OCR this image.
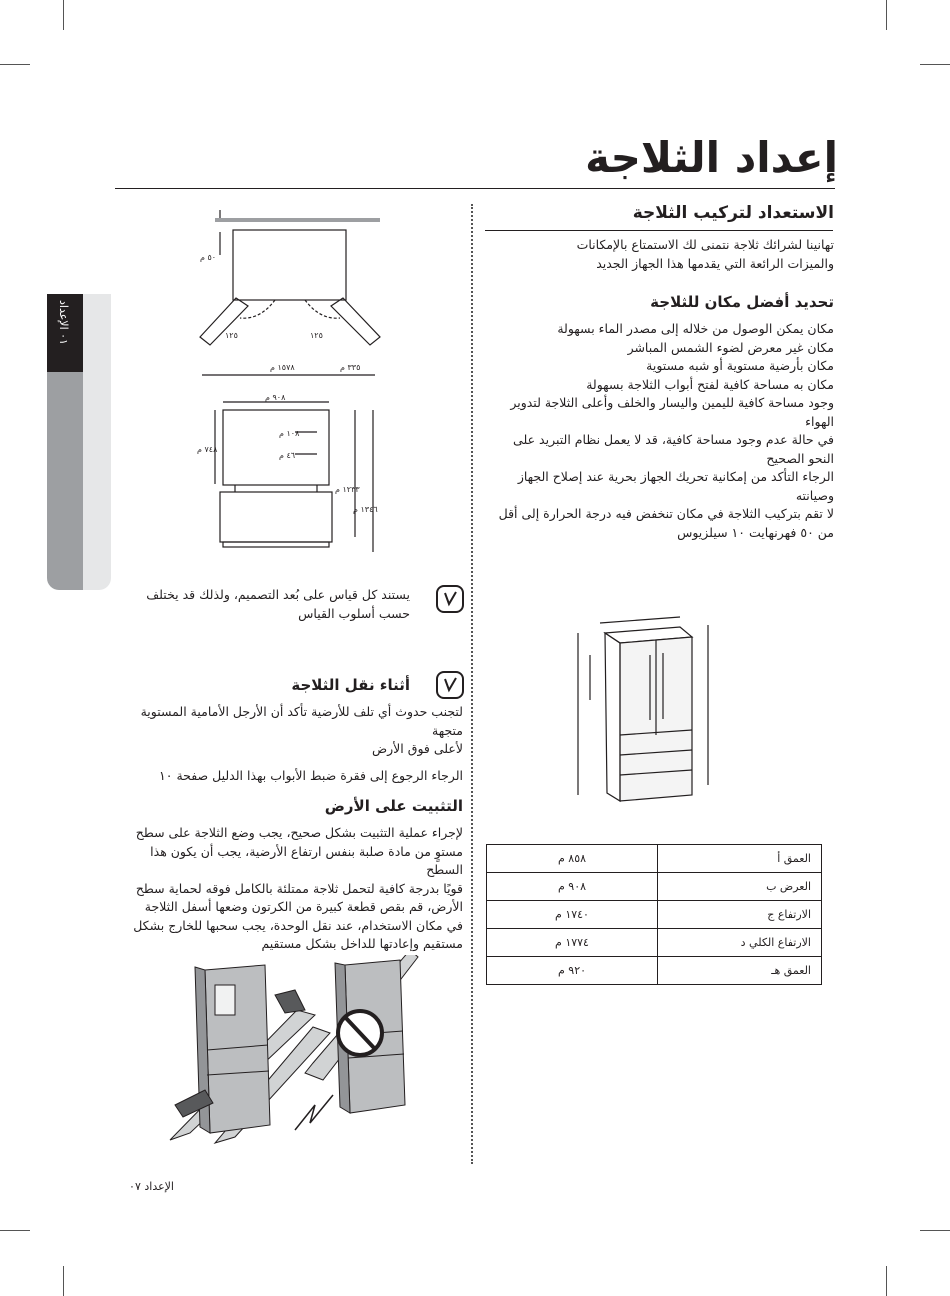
٠١ الإعداد
إعداد الثلاجة
الاستعداد لتركيب الثلاجة
تهانينا لشرائك ثلاجة نتمنى لك الاستمتاع بالإمكانات
والميزات الرائعة التي يقدمها هذا الجهاز الجديد
تحديد أفضل مكان للثلاجة
مكان يمكن الوصول من خلاله إلى مصدر الماء بسهولة
مكان غير معرض لضوء الشمس المباشر
مكان بأرضية مستوية أو شبه مستوية
مكان به مساحة كافية لفتح أبواب الثلاجة بسهولة
وجود مساحة كافية لليمين واليسار والخلف وأعلى الثلاجة لتدوير الهواء
في حالة عدم وجود مساحة كافية، قد لا يعمل نظام التبريد على النحو الصحيح
الرجاء التأكد من إمكانية تحريك الجهاز بحرية عند إصلاح الجهاز وصيانته
لا تقم بتركيب الثلاجة في مكان تنخفض فيه درجة الحرارة إلى أقل من ٥٠ فهرنهايت ١٠ سيلزيوس
٨٥٨ م	العمق أ
٩٠٨ م	العرض ب
١٧٤٠ م	الارتفاع ج
١٧٧٤ م	الارتفاع الكلي د
٩٢٠ م	العمق هـ
٥٠ م
١٢٥	١٢٥
٣٣٥ م
١٥٧٨ م
٩٠٨ م
١٠٨ م
٤٦ م
٧٤٨ م
١٢٣٣ م
١٣٤٦ م
يستند كل قياس على بُعد التصميم، ولذلك قد يختلف
حسب أسلوب القياس
أثناء نقل الثلاجة
لتجنب حدوث أي تلف للأرضية تأكد أن الأرجل الأمامية المستوية متجهة
لأعلى فوق الأرض
الرجاء الرجوع إلى فقرة ضبط الأبواب بهذا الدليل صفحة ١٠
التثبيت على الأرض
لإجراء عملية التثبيت بشكل صحيح، يجب وضع الثلاجة على سطح
مستوٍ من مادة صلبة بنفس ارتفاع الأرضية، يجب أن يكون هذا السطح
قويًا بدرجة كافية لتحمل ثلاجة ممتلئة بالكامل فوقه لحماية سطح
الأرض، قم بقص قطعة كبيرة من الكرتون وضعها أسفل الثلاجة
في مكان الاستخدام، عند نقل الوحدة، يجب سحبها للخارج بشكل
مستقيم وإعادتها للداخل بشكل مستقيم
الإعداد ٠٧
